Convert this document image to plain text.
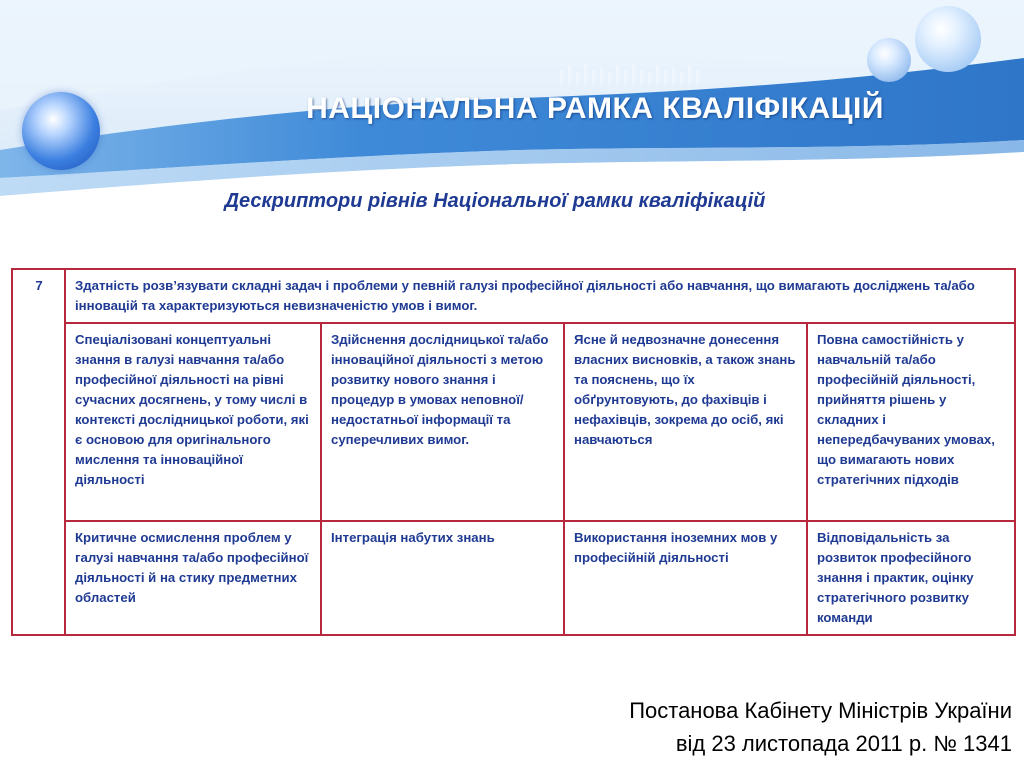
НАЦІОНАЛЬНА РАМКА КВАЛІФІКАЦІЙ
Дескриптори рівнів Національної рамки кваліфікацій
7	Здатність розв’язувати складні задач і проблеми у певній галузі професійної діяльності або навчання, що вимагають досліджень та/або інновацій та характеризуються невизначеністю умов і вимог.			
	Спеціалізовані концептуальні знання в галузі навчання та/або професійної діяльності на рівні сучасних досягнень, у тому числі в контексті дослідницької роботи, які є основою для оригінального мислення та інноваційної діяльності	Здійснення дослідницької та/або інноваційної діяльності з метою розвитку нового знання і процедур в умовах неповної/недостатньої інформації та суперечливих вимог.	Ясне й недвозначне донесення власних висновків, а також знань та пояснень, що їх обґрунтовують, до фахівців і нефахівців, зокрема до осіб, які навчаються	Повна самостійність у навчальній та/або професійній діяльності, прийняття рішень у складних і непередбачуваних умовах, що вимагають нових стратегічних підходів
	Критичне осмислення проблем у галузі навчання та/або професійної діяльності й на стику предметних областей	Інтеграція набутих знань	Використання іноземних мов у професійній діяльності	Відповідальність за розвиток професійного знання і практик, оцінку стратегічного розвитку команди
Постанова Кабінету Міністрів України
від 23 листопада 2011 р. № 1341
